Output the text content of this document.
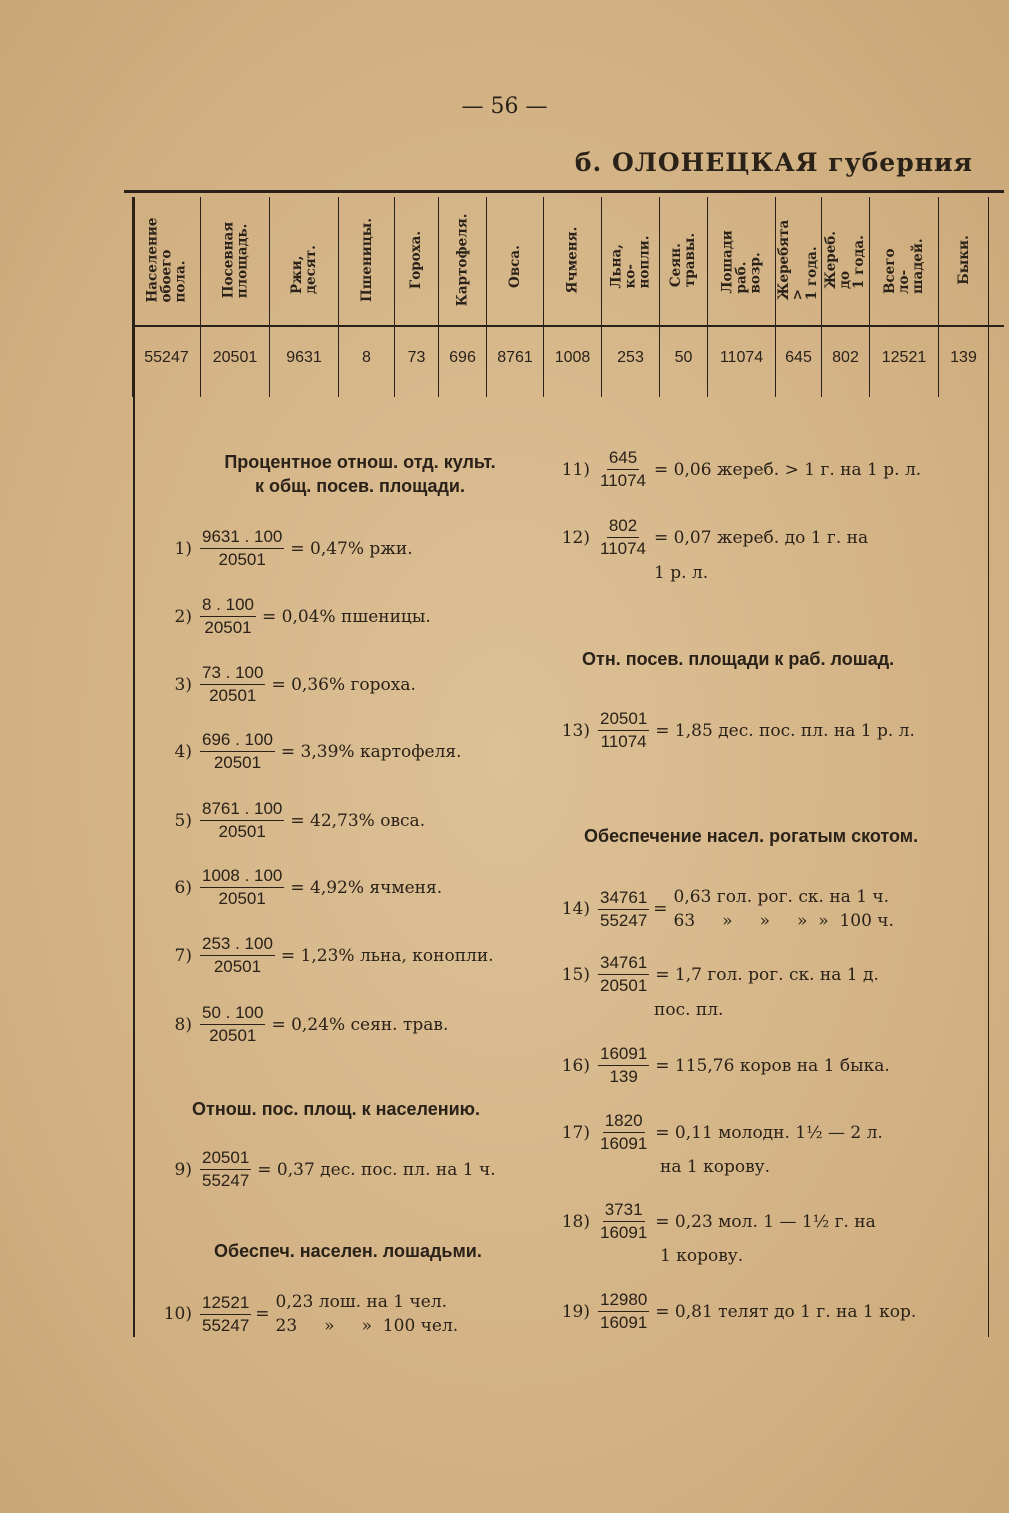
— 56 —
б. ОЛОНЕЦКАЯ губерния
Население
обоего пола.
55247
Посевная
площадь.
20501
Ржи, десят.
9631
Пшеницы.
8
Гороха.
73
Картофеля.
696
Овса.
8761
Ячменя.
1008
Льна, ко-
нопли.
253
Сеян. травы.
50
Лошади раб.
возр.
11074
Жеребята >
1 года.
645
Жереб. до
1 года.
802
Всего ло-
шадей.
12521
Быки.
139
Процентное отнош. отд. культ.
к общ. посев. площади.
$1) \frac{9631 . 100}{20501} = 0,47\%$ ржи.
$2) \frac{8 . 100}{20501} = 0,04\%$ пшеницы.
$3) \frac{73 . 100}{20501} = 0,36\%$ гороха.
$4) \frac{696 . 100}{20501} = 3,39\%$ картофеля.
$5) \frac{8761 . 100}{20501} = 42,73\%$ овса.
$6) \frac{1008 . 100}{20501} = 4,92\%$ ячменя.
$7) \frac{253 . 100}{20501} = 1,23\%$ льна, конопли.
$8) \frac{50 . 100}{20501} = 0,24\%$ сеян. трав.
Отнош. пос. площ. к населению.
$9) \frac{20501}{55247} = 0,37$ дес. пос. пл. на 1 ч.
Обеспеч. населен. лошадьми.
$10) \frac{12521}{55247}$ =
0,23 лош. на 1 чел.
23     »     »  100 чел.
$11) \frac{645}{11074} = 0,06$ жереб. > 1 г. на 1 р. л.
$12) \frac{802}{11074} = 0,07$ жереб. до 1 г. на
1 р. л.
Отн. посев. площади к раб. лошад.
$13) \frac{20501}{11074} = 1,85$ дес. пос. пл. на 1 р. л.
Обеспечение насел. рогатым скотом.
$14) \frac{34761}{55247}$ =
0,63 гол. рог. ск. на 1 ч.
63     »     »     »  »  100 ч.
$15) \frac{34761}{20501} = 1,7$ гол. рог. ск. на 1 д.
пос. пл.
$16) \frac{16091}{139} = 115,76$ коров на 1 быка.
$17) \frac{1820}{16091} = 0,11$ молодн. 1½ — 2 л.
на 1 корову.
$18) \frac{3731}{16091} = 0,23$ мол. 1 — 1½ г. на
1 корову.
$19) \frac{12980}{16091} = 0,81$ телят до 1 г. на 1 кор.
